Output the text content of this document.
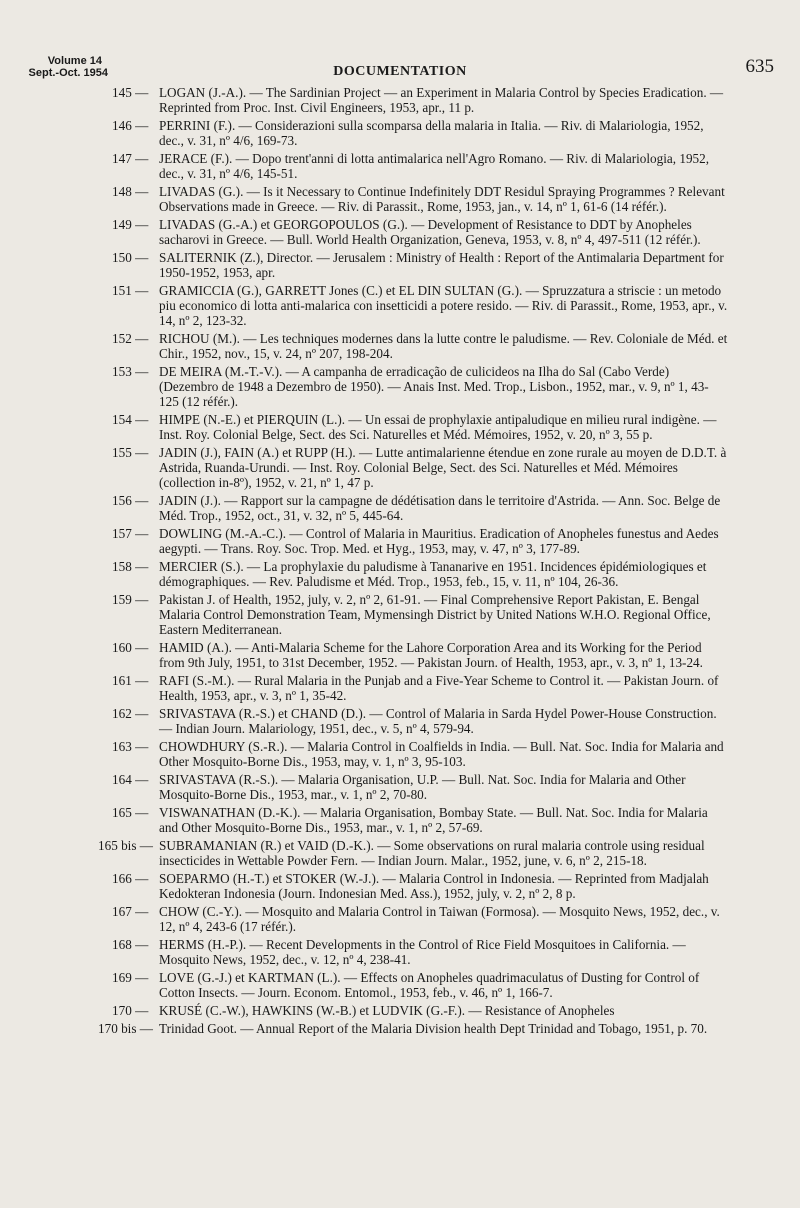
Volume 14
Sept.-Oct. 1954	DOCUMENTATION	635
145 — LOGAN (J.-A.). — The Sardinian Project — an Experiment in Malaria Control by Species Eradication. — Reprinted from Proc. Inst. Civil Engineers, 1953, apr., 11 p.
146 — PERRINI (F.). — Considerazioni sulla scomparsa della malaria in Italia. — Riv. di Malariologia, 1952, dec., v. 31, nº 4/6, 169-73.
147 — JERACE (F.). — Dopo trent'anni di lotta antimalarica nell'Agro Romano. — Riv. di Malariologia, 1952, dec., v. 31, nº 4/6, 145-51.
148 — LIVADAS (G.). — Is it Necessary to Continue Indefinitely DDT Residul Spraying Programmes ? Relevant Observations made in Greece. — Riv. di Parassit., Rome, 1953, jan., v. 14, nº 1, 61-6 (14 référ.).
149 — LIVADAS (G.-A.) et GEORGOPOULOS (G.). — Development of Resistance to DDT by Anopheles sacharovi in Greece. — Bull. World Health Organization, Geneva, 1953, v. 8, nº 4, 497-511 (12 référ.).
150 — SALITERNIK (Z.), Director. — Jerusalem : Ministry of Health : Report of the Antimalaria Department for 1950-1952, 1953, apr.
151 — GRAMICCIA (G.), GARRETT Jones (C.) et EL DIN SULTAN (G.). — Spruzzatura a striscie : un metodo piu economico di lotta anti-malarica con insetticidi a potere resido. — Riv. di Parassit., Rome, 1953, apr., v. 14, nº 2, 123-32.
152 — RICHOU (M.). — Les techniques modernes dans la lutte contre le paludisme. — Rev. Coloniale de Méd. et Chir., 1952, nov., 15, v. 24, nº 207, 198-204.
153 — DE MEIRA (M.-T.-V.). — A campanha de erradicação de culicideos na Ilha do Sal (Cabo Verde) (Dezembro de 1948 a Dezembro de 1950). — Anais Inst. Med. Trop., Lisbon., 1952, mar., v. 9, nº 1, 43-125 (12 référ.).
154 — HIMPE (N.-E.) et PIERQUIN (L.). — Un essai de prophylaxie antipaludique en milieu rural indigène. — Inst. Roy. Colonial Belge, Sect. des Sci. Naturelles et Méd. Mémoires, 1952, v. 20, nº 3, 55 p.
155 — JADIN (J.), FAIN (A.) et RUPP (H.). — Lutte antimalarienne étendue en zone rurale au moyen de D.D.T. à Astrida, Ruanda-Urundi. — Inst. Roy. Colonial Belge, Sect. des Sci. Naturelles et Méd. Mémoires (collection in-8º), 1952, v. 21, nº 1, 47 p.
156 — JADIN (J.). — Rapport sur la campagne de dédétisation dans le territoire d'Astrida. — Ann. Soc. Belge de Méd. Trop., 1952, oct., 31, v. 32, nº 5, 445-64.
157 — DOWLING (M.-A.-C.). — Control of Malaria in Mauritius. Eradication of Anopheles funestus and Aedes aegypti. — Trans. Roy. Soc. Trop. Med. et Hyg., 1953, may, v. 47, nº 3, 177-89.
158 — MERCIER (S.). — La prophylaxie du paludisme à Tananarive en 1951. Incidences épidémiologiques et démographiques. — Rev. Paludisme et Méd. Trop., 1953, feb., 15, v. 11, nº 104, 26-36.
159 — Pakistan J. of Health, 1952, july, v. 2, nº 2, 61-91. — Final Comprehensive Report Pakistan, E. Bengal Malaria Control Demonstration Team, Mymensingh District by United Nations W.H.O. Regional Office, Eastern Mediterranean.
160 — HAMID (A.). — Anti-Malaria Scheme for the Lahore Corporation Area and its Working for the Period from 9th July, 1951, to 31st December, 1952. — Pakistan Journ. of Health, 1953, apr., v. 3, nº 1, 13-24.
161 — RAFI (S.-M.). — Rural Malaria in the Punjab and a Five-Year Scheme to Control it. — Pakistan Journ. of Health, 1953, apr., v. 3, nº 1, 35-42.
162 — SRIVASTAVA (R.-S.) et CHAND (D.). — Control of Malaria in Sarda Hydel Power-House Construction. — Indian Journ. Malariology, 1951, dec., v. 5, nº 4, 579-94.
163 — CHOWDHURY (S.-R.). — Malaria Control in Coalfields in India. — Bull. Nat. Soc. India for Malaria and Other Mosquito-Borne Dis., 1953, may, v. 1, nº 3, 95-103.
164 — SRIVASTAVA (R.-S.). — Malaria Organisation, U.P. — Bull. Nat. Soc. India for Malaria and Other Mosquito-Borne Dis., 1953, mar., v. 1, nº 2, 70-80.
165 — VISWANATHAN (D.-K.). — Malaria Organisation, Bombay State. — Bull. Nat. Soc. India for Malaria and Other Mosquito-Borne Dis., 1953, mar., v. 1, nº 2, 57-69.
165 bis — SUBRAMANIAN (R.) et VAID (D.-K.). — Some observations on rural malaria controle using residual insecticides in Wettable Powder Fern. — Indian Journ. Malar., 1952, june, v. 6, nº 2, 215-18.
166 — SOEPARMO (H.-T.) et STOKER (W.-J.). — Malaria Control in Indonesia. — Reprinted from Madjalah Kedokteran Indonesia (Journ. Indonesian Med. Ass.), 1952, july, v. 2, nº 2, 8 p.
167 — CHOW (C.-Y.). — Mosquito and Malaria Control in Taiwan (Formosa). — Mosquito News, 1952, dec., v. 12, nº 4, 243-6 (17 référ.).
168 — HERMS (H.-P.). — Recent Developments in the Control of Rice Field Mosquitoes in California. — Mosquito News, 1952, dec., v. 12, nº 4, 238-41.
169 — LOVE (G.-J.) et KARTMAN (L.). — Effects on Anopheles quadrimaculatus of Dusting for Control of Cotton Insects. — Journ. Econom. Entomol., 1953, feb., v. 46, nº 1, 166-7.
170 — KRUSÉ (C.-W.), HAWKINS (W.-B.) et LUDVIK (G.-F.). — Resistance of Anopheles
170 bis — Trinidad Goot. — Annual Report of the Malaria Division health Dept Trinidad and Tobago, 1951, p. 70.
